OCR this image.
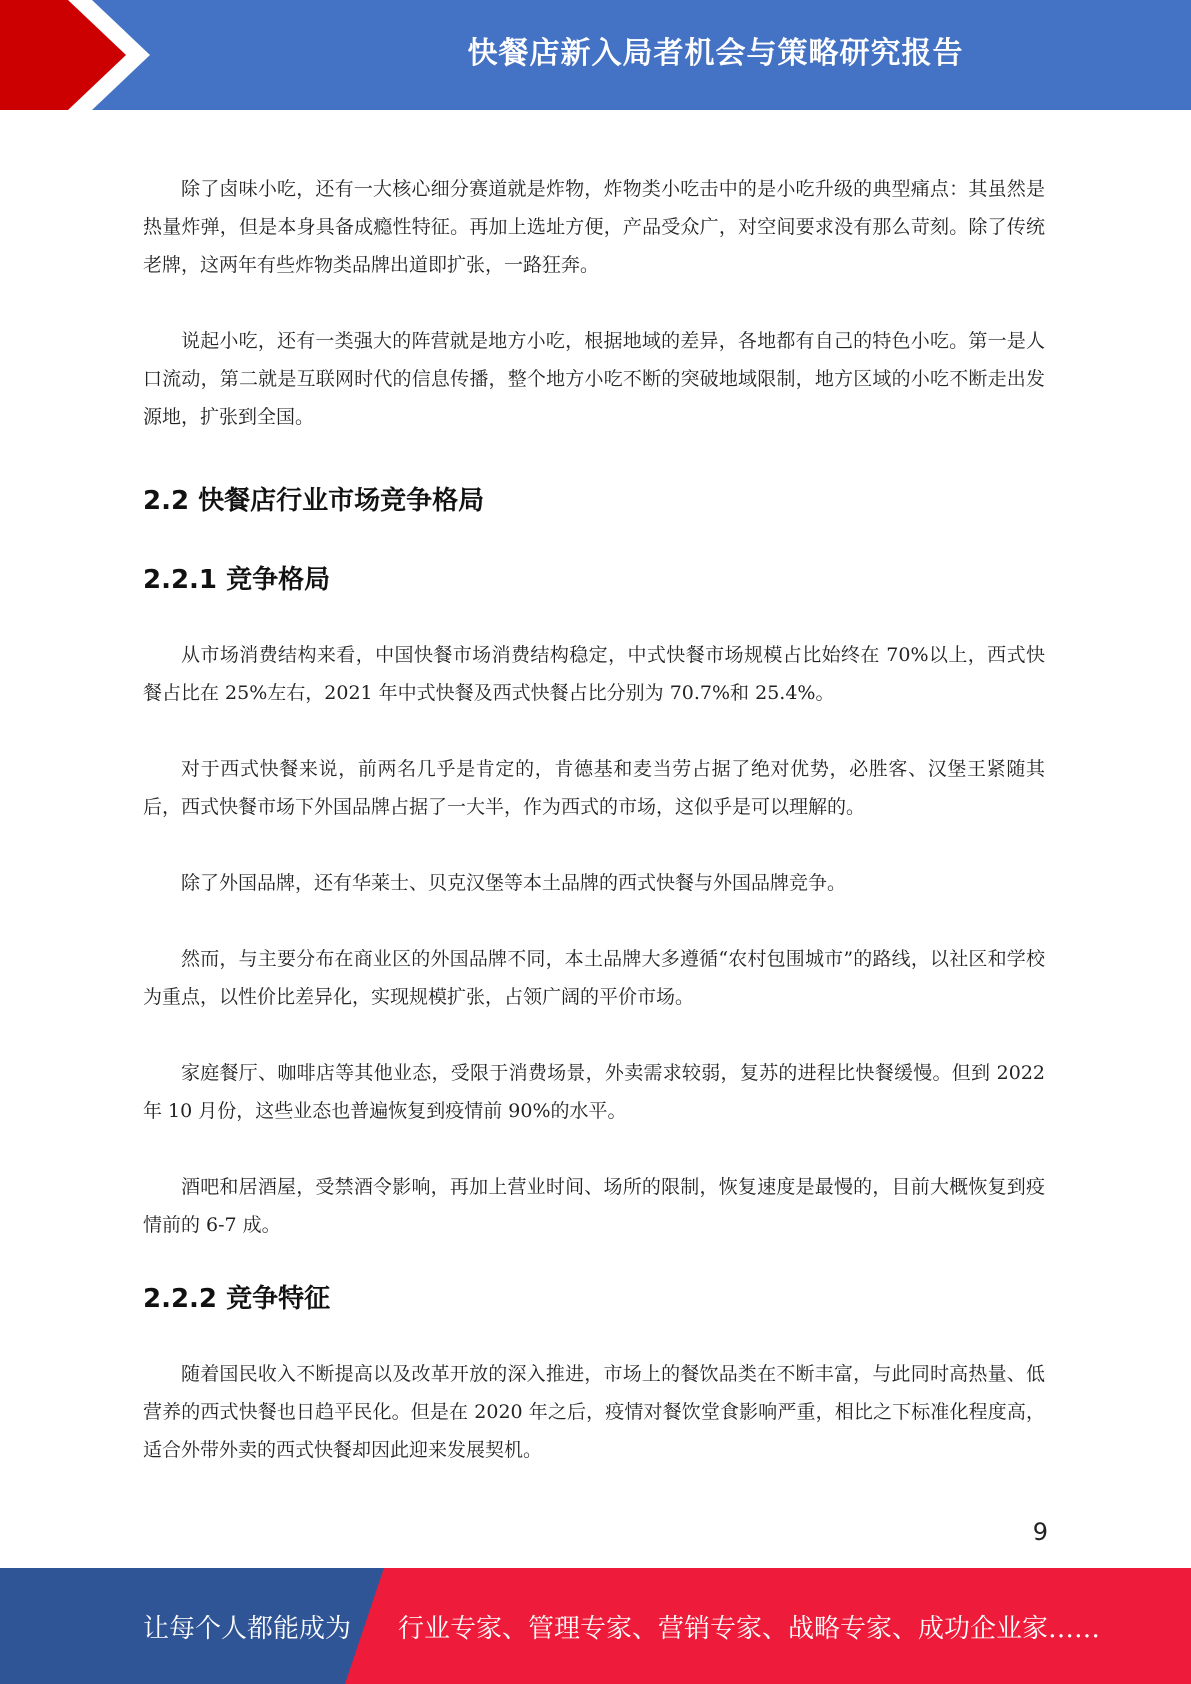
快餐店新入局者机会与策略研究报告

除了卤味小吃，还有一大核心细分赛道就是炸物，炸物类小吃击中的是小吃升级的典型痛点：其虽然是热量炸弹，但是本身具备成瘾性特征。再加上选址方便，产品受众广，对空间要求没有那么苛刻。除了传统老牌，这两年有些炸物类品牌出道即扩张，一路狂奔。

说起小吃，还有一类强大的阵营就是地方小吃，根据地域的差异，各地都有自己的特色小吃。第一是人口流动，第二就是互联网时代的信息传播，整个地方小吃不断的突破地域限制，地方区域的小吃不断走出发源地，扩张到全国。

2.2 快餐店行业市场竞争格局
2.2.1 竞争格局

从市场消费结构来看，中国快餐市场消费结构稳定，中式快餐市场规模占比始终在 70%以上，西式快餐占比在 25%左右，2021 年中式快餐及西式快餐占比分别为 70.7%和 25.4%。

对于西式快餐来说，前两名几乎是肯定的，肯德基和麦当劳占据了绝对优势，必胜客、汉堡王紧随其后，西式快餐市场下外国品牌占据了一大半，作为西式的市场，这似乎是可以理解的。

除了外国品牌，还有华莱士、贝克汉堡等本土品牌的西式快餐与外国品牌竞争。

然而，与主要分布在商业区的外国品牌不同，本土品牌大多遵循“农村包围城市”的路线，以社区和学校为重点，以性价比差异化，实现规模扩张，占领广阔的平价市场。

家庭餐厅、咖啡店等其他业态，受限于消费场景，外卖需求较弱，复苏的进程比快餐缓慢。但到 2022 年 10 月份，这些业态也普遍恢复到疫情前 90%的水平。

酒吧和居酒屋，受禁酒令影响，再加上营业时间、场所的限制，恢复速度是最慢的，目前大概恢复到疫情前的 6-7 成。

2.2.2 竞争特征

随着国民收入不断提高以及改革开放的深入推进，市场上的餐饮品类在不断丰富，与此同时高热量、低营养的西式快餐也日趋平民化。但是在 2020 年之后，疫情对餐饮堂食影响严重，相比之下标准化程度高，适合外带外卖的西式快餐却因此迎来发展契机。

9
让每个人都能成为 行业专家、管理专家、营销专家、战略专家、成功企业家……
